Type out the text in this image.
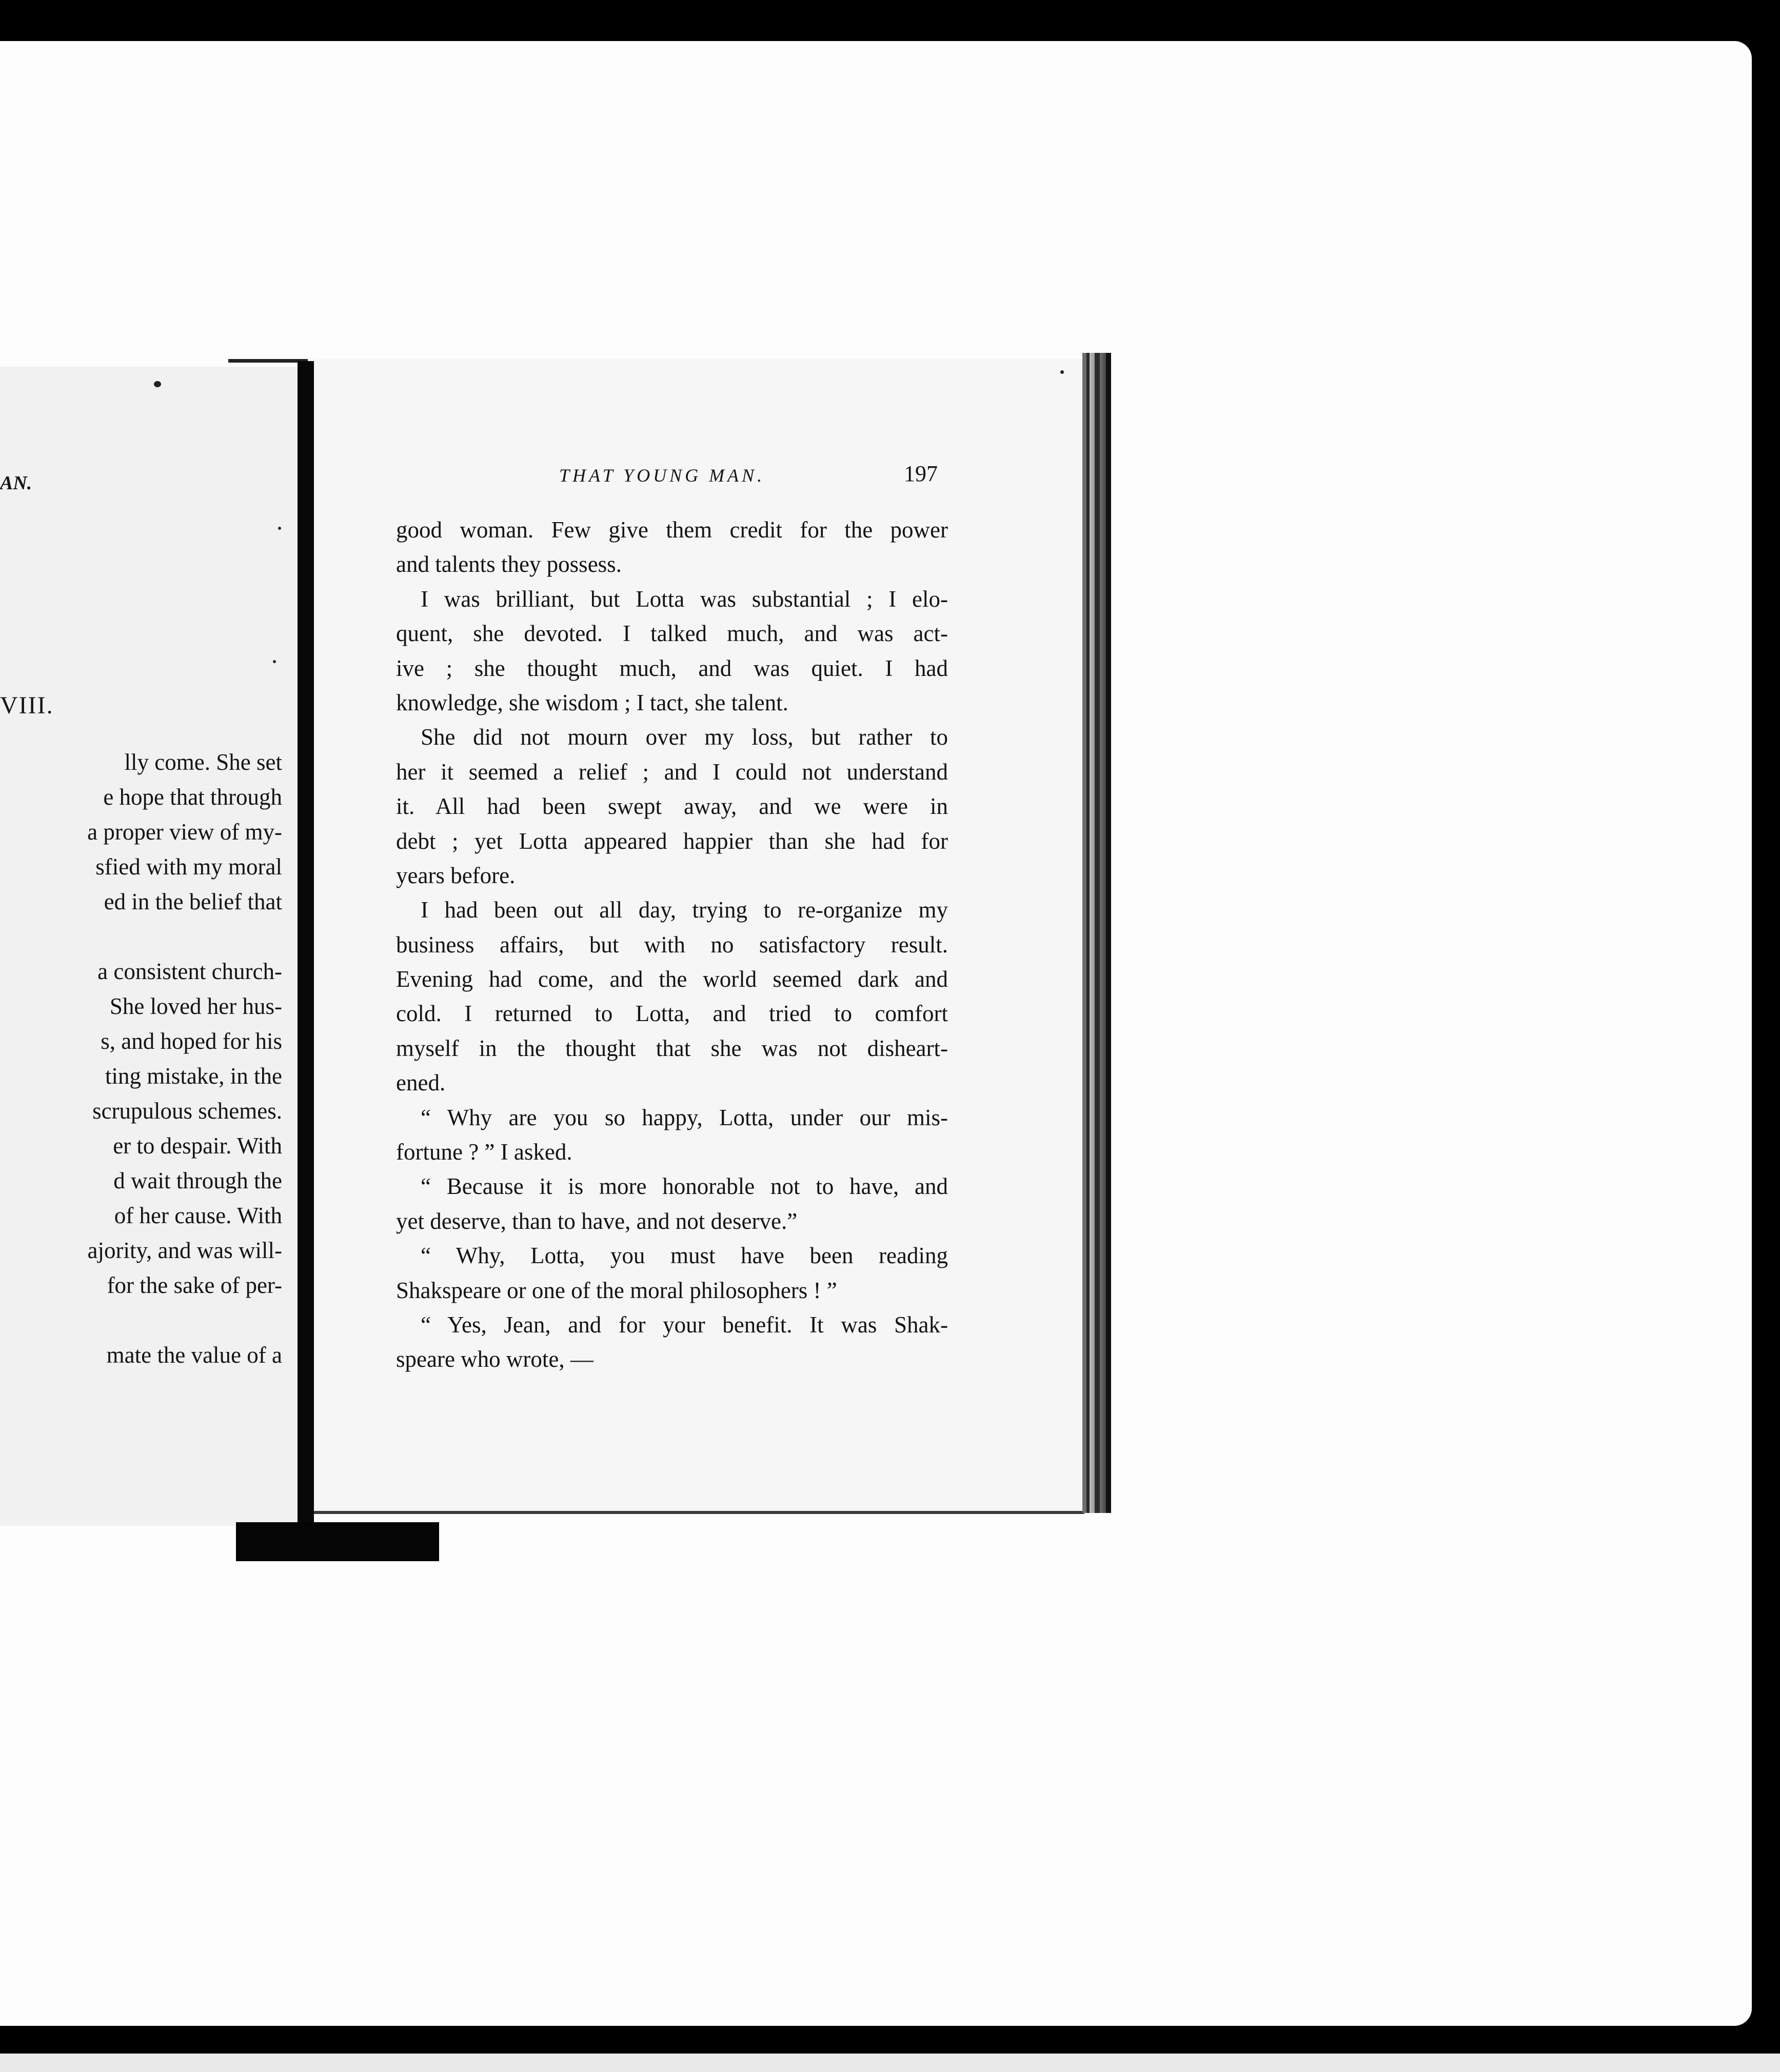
AN.
VIII.
lly come. She set
e hope that through
a proper view of my-
sfied with my moral
ed in the belief that
a consistent church-
She loved her hus-
s, and hoped for his
ting mistake, in the
scrupulous schemes.
er to despair. With
d wait through the
of her cause. With
ajority, and was will-
for the sake of per-
mate the value of a
THAT YOUNG MAN.	197
good woman. Few give them credit for the power
and talents they possess.
I was brilliant, but Lotta was substantial ; I elo-
quent, she devoted. I talked much, and was act-
ive ; she thought much, and was quiet. I had
knowledge, she wisdom ; I tact, she talent.
She did not mourn over my loss, but rather to
her it seemed a relief ; and I could not understand
it. All had been swept away, and we were in
debt ; yet Lotta appeared happier than she had for
years before.
I had been out all day, trying to re-organize my
business affairs, but with no satisfactory result.
Evening had come, and the world seemed dark and
cold. I returned to Lotta, and tried to comfort
myself in the thought that she was not disheart-
ened.
“ Why are you so happy, Lotta, under our mis-
fortune ? ” I asked.
“ Because it is more honorable not to have, and
yet deserve, than to have, and not deserve.”
“ Why, Lotta, you must have been reading
Shakspeare or one of the moral philosophers ! ”
“ Yes, Jean, and for your benefit. It was Shak-
speare who wrote, —
